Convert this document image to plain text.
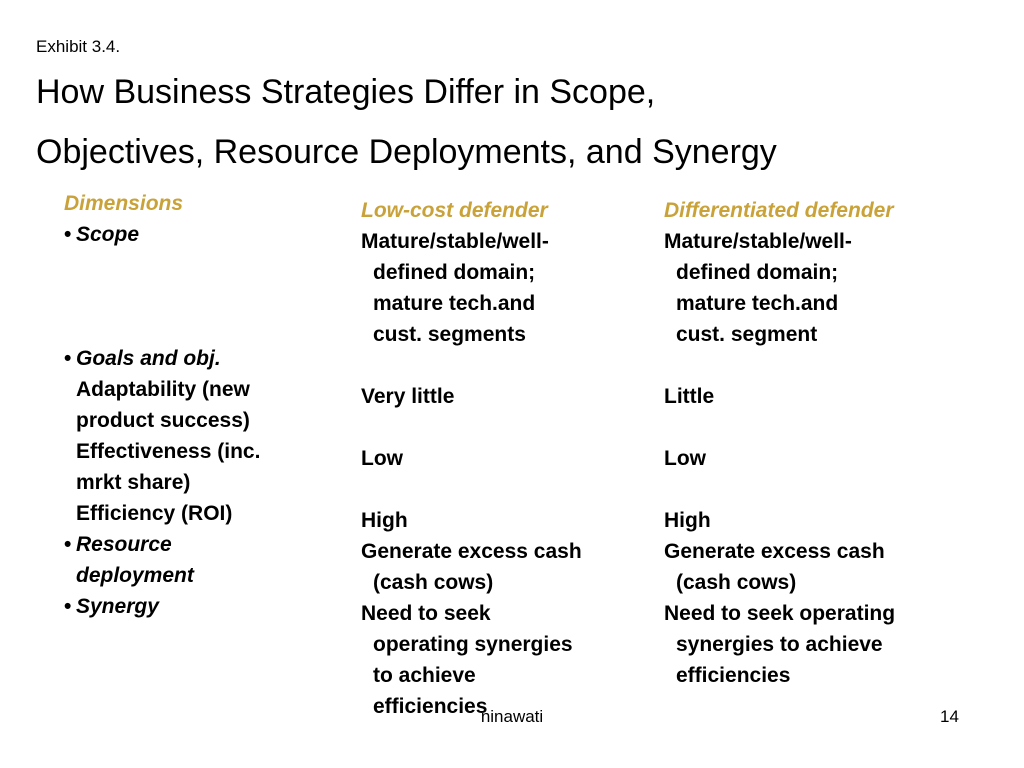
Exhibit 3.4.
How Business Strategies Differ in Scope,
Objectives, Resource Deployments, and Synergy
Dimensions
• Scope
• Goals and obj.
Adaptability (new
product success)
Effectiveness (inc.
mrkt share)
Efficiency (ROI)
• Resource
deployment
• Synergy
Low-cost defender
Mature/stable/well-
defined domain;
mature tech.and
cust. segments
Very little
Low
High
Generate excess cash
(cash cows)
Need to seek
operating synergies
to achieve
efficiencies
Differentiated defender
Mature/stable/well-
defined domain;
mature tech.and
cust. segment
Little
Low
High
Generate excess cash
(cash cows)
Need to seek operating
synergies to achieve
efficiencies
ninawati	14
